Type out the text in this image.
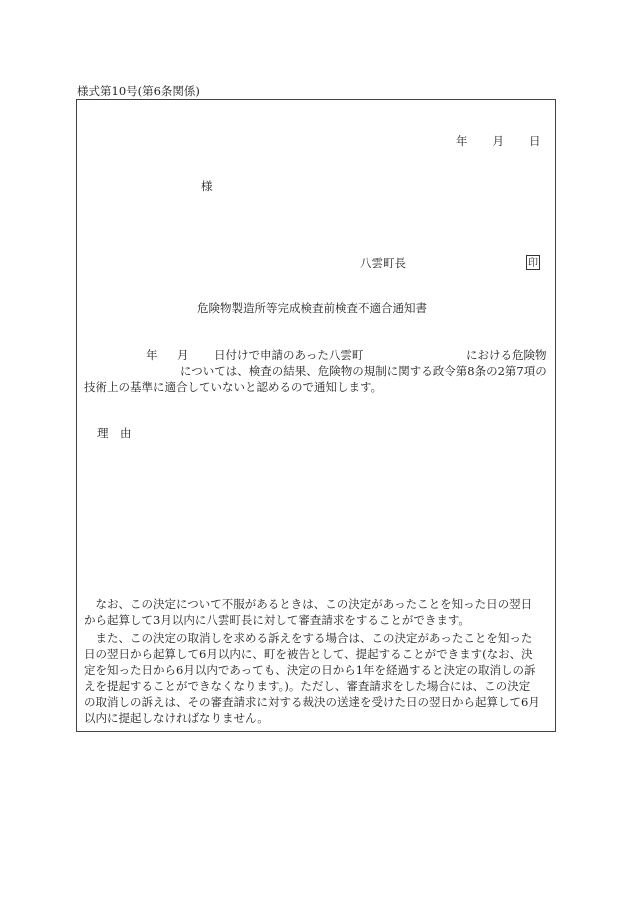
様式第10号(第6条関係)
年 月 日
様
八雲町長	印
危険物製造所等完成検査前検査不適合通知書
年 月 日付けで申請のあった八雲町	における危険物
については、検査の結果、危険物の規制に関する政令第8条の2第7項の
技術上の基準に適合していないと認めるので通知します。
理　由
　なお、この決定について不服があるときは、この決定があったことを知った日の翌日
から起算して3月以内に八雲町長に対して審査請求をすることができます。
　また、この決定の取消しを求める訴えをする場合は、この決定があったことを知った
日の翌日から起算して6月以内に、町を被告として、提起することができます(なお、決
定を知った日から6月以内であっても、決定の日から1年を経過すると決定の取消しの訴
えを提起することができなくなります。)。ただし、審査請求をした場合には、この決定
の取消しの訴えは、その審査請求に対する裁決の送達を受けた日の翌日から起算して6月
以内に提起しなければなりません。
